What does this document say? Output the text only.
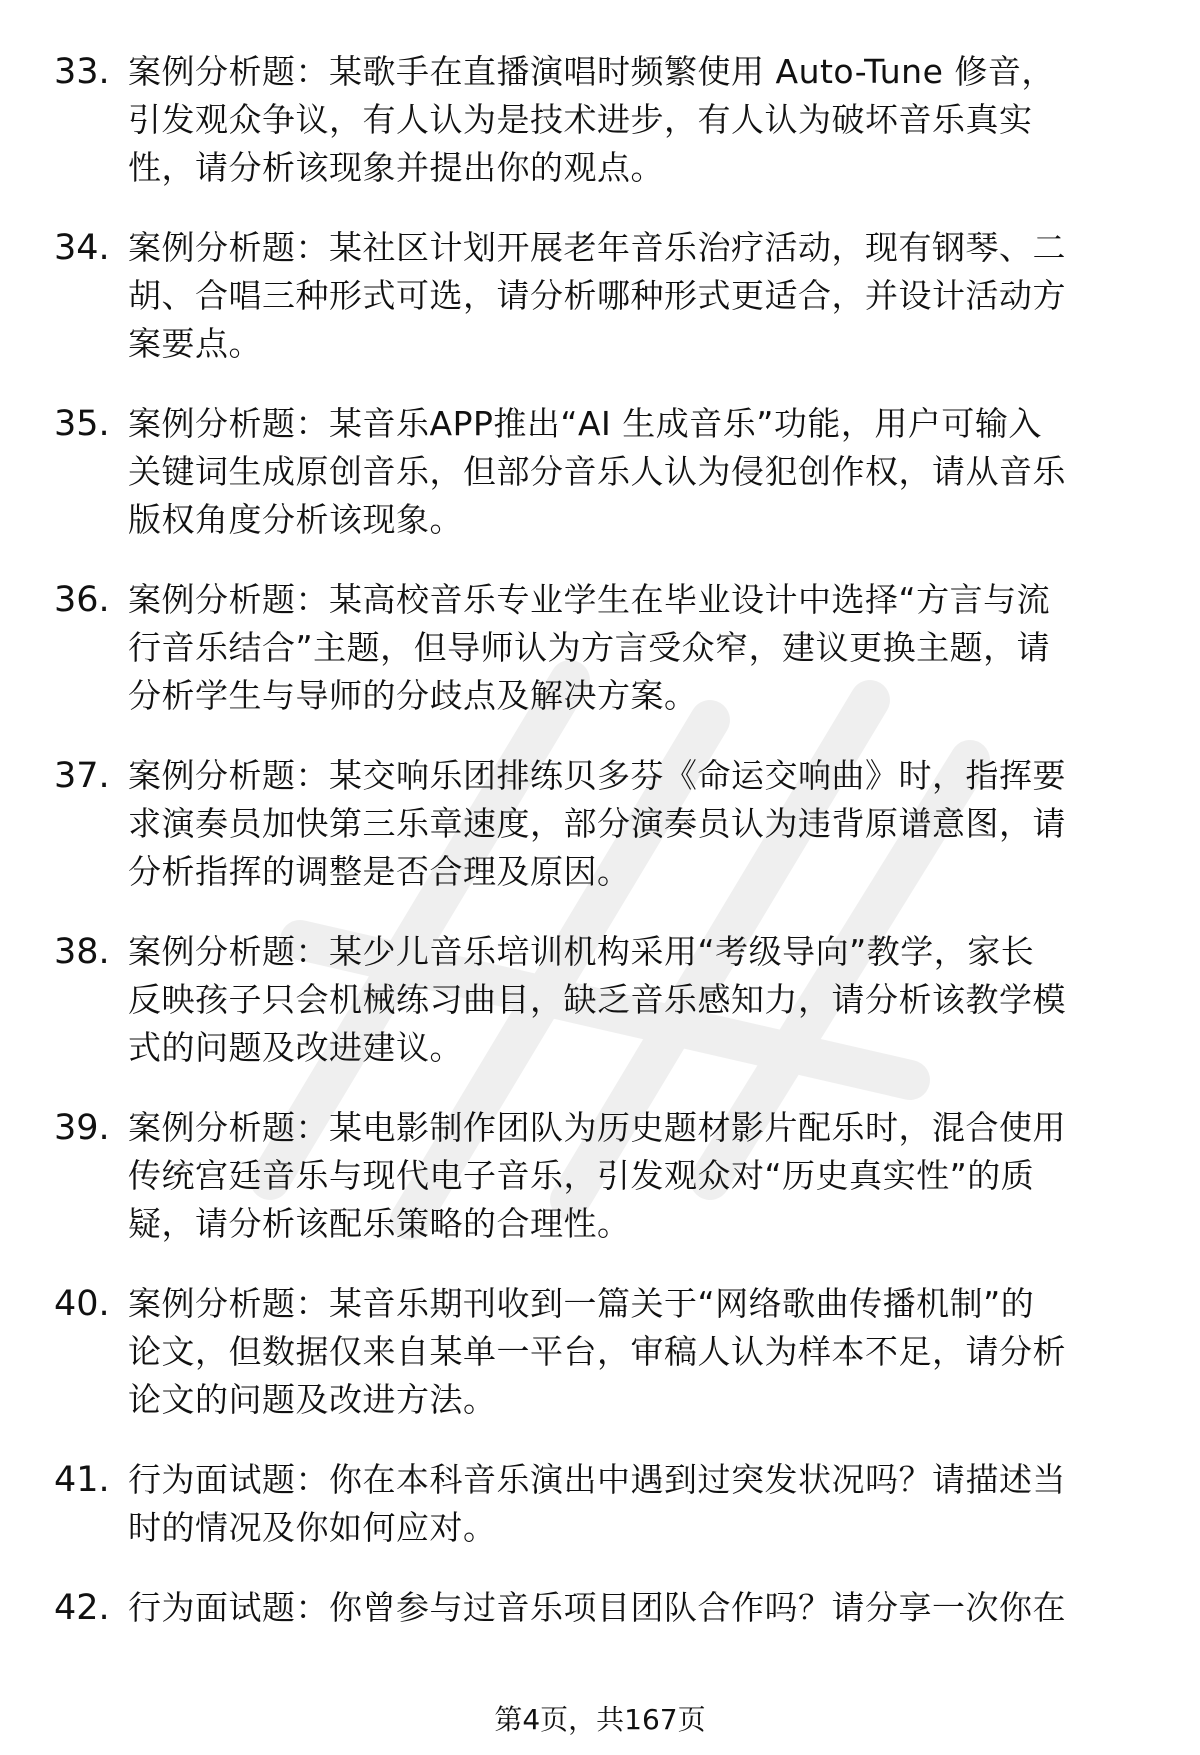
33. 案例分析题：某歌手在直播演唱时频繁使用 Auto-Tune 修音，
引发观众争议，有人认为是技术进步，有人认为破坏音乐真实
性，请分析该现象并提出你的观点。
34. 案例分析题：某社区计划开展老年音乐治疗活动，现有钢琴、二
胡、合唱三种形式可选，请分析哪种形式更适合，并设计活动方
案要点。
35. 案例分析题：某音乐APP推出“AI 生成音乐”功能，用户可输入
关键词生成原创音乐，但部分音乐人认为侵犯创作权，请从音乐
版权角度分析该现象。
36. 案例分析题：某高校音乐专业学生在毕业设计中选择“方言与流
行音乐结合”主题，但导师认为方言受众窄，建议更换主题，请
分析学生与导师的分歧点及解决方案。
37. 案例分析题：某交响乐团排练贝多芬《命运交响曲》时，指挥要
求演奏员加快第三乐章速度，部分演奏员认为违背原谱意图，请
分析指挥的调整是否合理及原因。
38. 案例分析题：某少儿音乐培训机构采用“考级导向”教学，家长
反映孩子只会机械练习曲目，缺乏音乐感知力，请分析该教学模
式的问题及改进建议。
39. 案例分析题：某电影制作团队为历史题材影片配乐时，混合使用
传统宫廷音乐与现代电子音乐，引发观众对“历史真实性”的质
疑，请分析该配乐策略的合理性。
40. 案例分析题：某音乐期刊收到一篇关于“网络歌曲传播机制”的
论文，但数据仅来自某单一平台，审稿人认为样本不足，请分析
论文的问题及改进方法。
41. 行为面试题：你在本科音乐演出中遇到过突发状况吗？请描述当
时的情况及你如何应对。
42. 行为面试题：你曾参与过音乐项目团队合作吗？请分享一次你在
第4页，共167页
